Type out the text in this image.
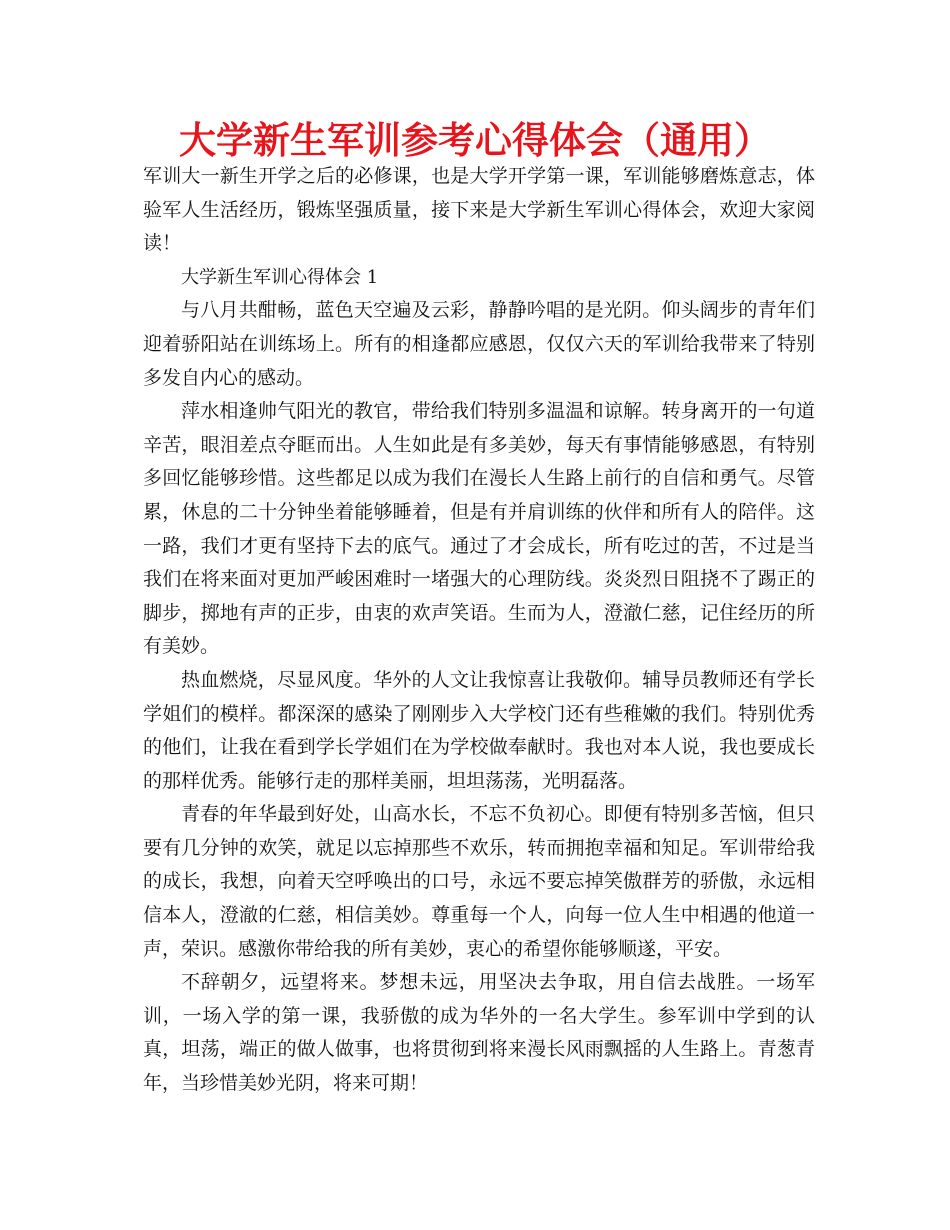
大学新生军训参考心得体会（通用）

军训大一新生开学之后的必修课，也是大学开学第一课，军训能够磨炼意志，体验军人生活经历，锻炼坚强质量，接下来是大学新生军训心得体会，欢迎大家阅读！

大学新生军训心得体会 1

与八月共酣畅，蓝色天空遍及云彩，静静吟唱的是光阴。仰头阔步的青年们迎着骄阳站在训练场上。所有的相逢都应感恩，仅仅六天的军训给我带来了特别多发自内心的感动。

萍水相逢帅气阳光的教官，带给我们特别多温温和谅解。转身离开的一句道辛苦，眼泪差点夺眶而出。人生如此是有多美妙，每天有事情能够感恩，有特别多回忆能够珍惜。这些都足以成为我们在漫长人生路上前行的自信和勇气。尽管累，休息的二十分钟坐着能够睡着，但是有并肩训练的伙伴和所有人的陪伴。这一路，我们才更有坚持下去的底气。通过了才会成长，所有吃过的苦，不过是当我们在将来面对更加严峻困难时一堵强大的心理防线。炎炎烈日阻挠不了踢正的脚步，掷地有声的正步，由衷的欢声笑语。生而为人，澄澈仁慈，记住经历的所有美妙。

热血燃烧，尽显风度。华外的人文让我惊喜让我敬仰。辅导员教师还有学长学姐们的模样。都深深的感染了刚刚步入大学校门还有些稚嫩的我们。特别优秀的他们，让我在看到学长学姐们在为学校做奉献时。我也对本人说，我也要成长的那样优秀。能够行走的那样美丽，坦坦荡荡，光明磊落。

青春的年华最到好处，山高水长，不忘不负初心。即便有特别多苦恼，但只要有几分钟的欢笑，就足以忘掉那些不欢乐，转而拥抱幸福和知足。军训带给我的成长，我想，向着天空呼唤出的口号，永远不要忘掉笑傲群芳的骄傲，永远相信本人，澄澈的仁慈，相信美妙。尊重每一个人，向每一位人生中相遇的他道一声，荣识。感激你带给我的所有美妙，衷心的希望你能够顺遂，平安。

不辞朝夕，远望将来。梦想未远，用坚决去争取，用自信去战胜。一场军训，一场入学的第一课，我骄傲的成为华外的一名大学生。参军训中学到的认真，坦荡，端正的做人做事，也将贯彻到将来漫长风雨飘摇的人生路上。青葱青年，当珍惜美妙光阴，将来可期！
